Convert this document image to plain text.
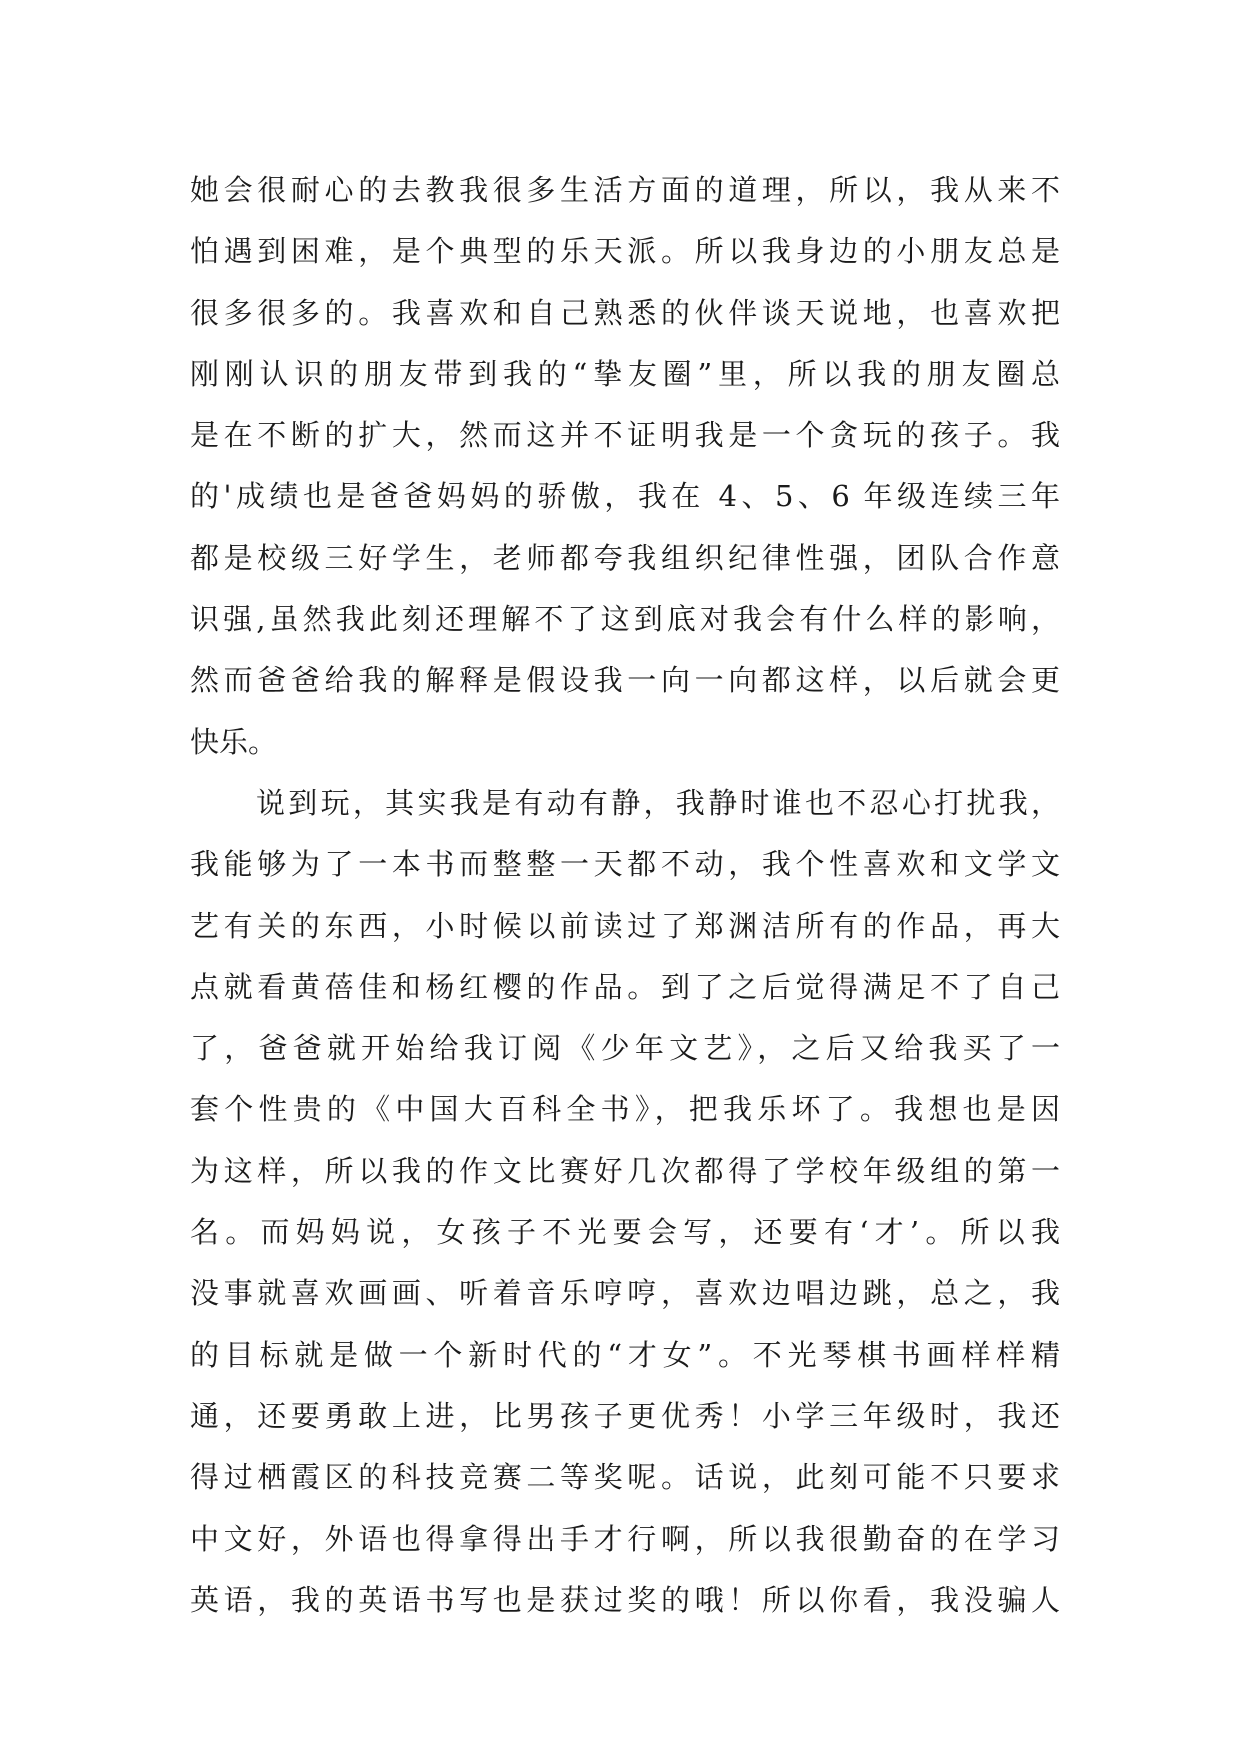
她会很耐心的去教我很多生活方面的道理，所以，我从来不
怕遇到困难，是个典型的乐天派。所以我身边的小朋友总是
很多很多的。我喜欢和自己熟悉的伙伴谈天说地，也喜欢把
刚刚认识的朋友带到我的“挚友圈”里，所以我的朋友圈总
是在不断的扩大，然而这并不证明我是一个贪玩的孩子。我
的'成绩也是爸爸妈妈的骄傲，我在 4、5、6 年级连续三年
都是校级三好学生，老师都夸我组织纪律性强，团队合作意
识强,虽然我此刻还理解不了这到底对我会有什么样的影响，
然而爸爸给我的解释是假设我一向一向都这样，以后就会更
快乐。
说到玩，其实我是有动有静，我静时谁也不忍心打扰我，
我能够为了一本书而整整一天都不动，我个性喜欢和文学文
艺有关的东西，小时候以前读过了郑渊洁所有的作品，再大
点就看黄蓓佳和杨红樱的作品。到了之后觉得满足不了自己
了，爸爸就开始给我订阅《少年文艺》，之后又给我买了一
套个性贵的《中国大百科全书》，把我乐坏了。我想也是因
为这样，所以我的作文比赛好几次都得了学校年级组的第一
名。而妈妈说，女孩子不光要会写，还要有‘才’。所以我
没事就喜欢画画、听着音乐哼哼，喜欢边唱边跳，总之，我
的目标就是做一个新时代的“才女”。不光琴棋书画样样精
通，还要勇敢上进，比男孩子更优秀！小学三年级时，我还
得过栖霞区的科技竞赛二等奖呢。话说，此刻可能不只要求
中文好，外语也得拿得出手才行啊，所以我很勤奋的在学习
英语，我的英语书写也是获过奖的哦！所以你看，我没骗人
